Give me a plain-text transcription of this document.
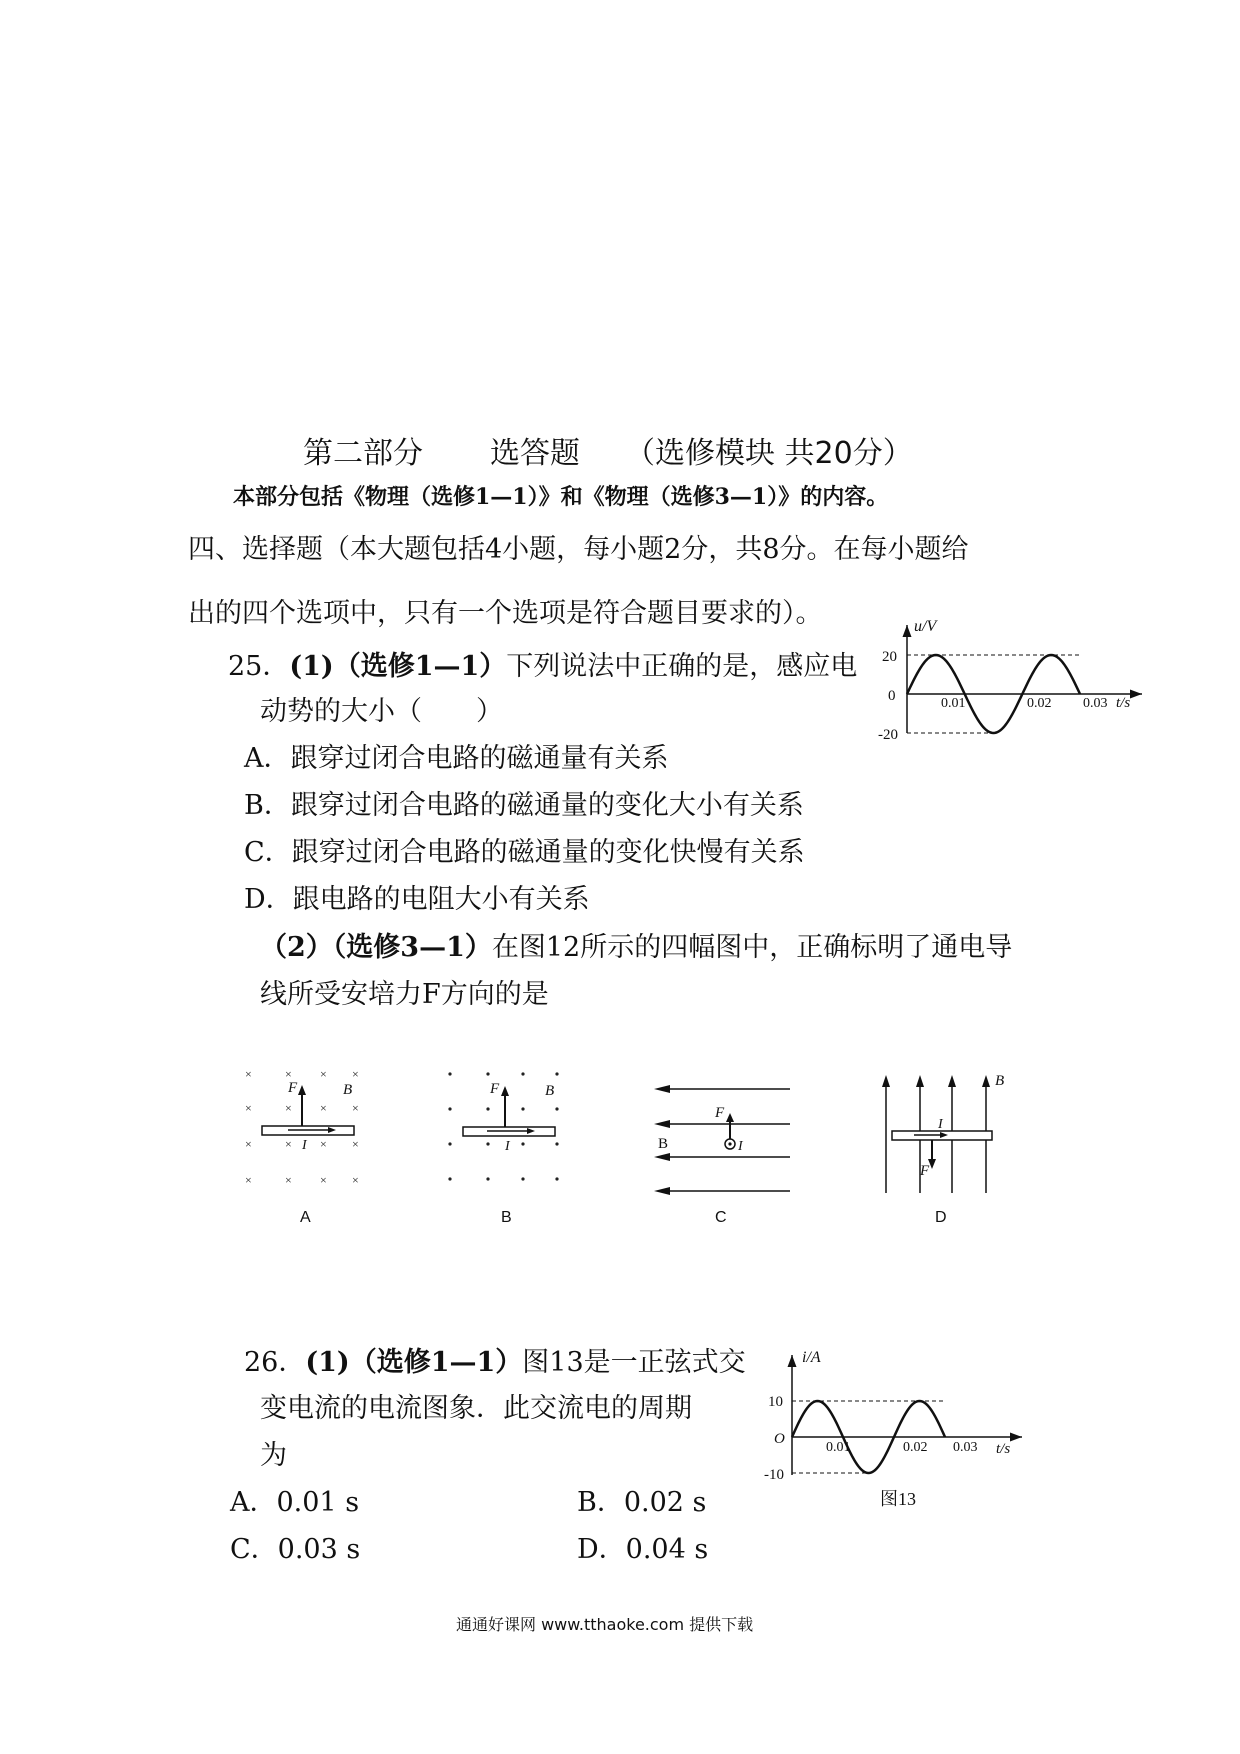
第二部分 选答题 （选修模块 共20分）
本部分包括《物理（选修1—1）》和《物理（选修3—1）》的内容。
四、选择题（本大题包括4小题，每小题2分，共8分。在每小题给
出的四个选项中，只有一个选项是符合题目要求的）。
25．(1)（选修1—1）下列说法中正确的是，感应电
动势的大小（　　）
A．跟穿过闭合电路的磁通量有关系
B．跟穿过闭合电路的磁通量的变化大小有关系
C．跟穿过闭合电路的磁通量的变化快慢有关系
D．跟电路的电阻大小有关系
（2）（选修3—1）在图12所示的四幅图中，正确标明了通电导
线所受安培力F方向的是
u/V
20
0
-20
0.01	0.02 0.03 t/s
×	× × ×
×	× × ×
×	× × ×
×	× × ×
F	B
I
A
F	B
I
B
F
B	I
C
F
B
I
D
26．(1)（选修1—1）图13是一正弦式交
变电流的电流图象．此交流电的周期
为
A．0.01 s	B．0.02 s
C．0.03 s	D．0.04 s
i/A
10
O
-10
0.01	0.02 0.03 t/s
图13
通通好课网 www.tthaoke.com 提供下载
